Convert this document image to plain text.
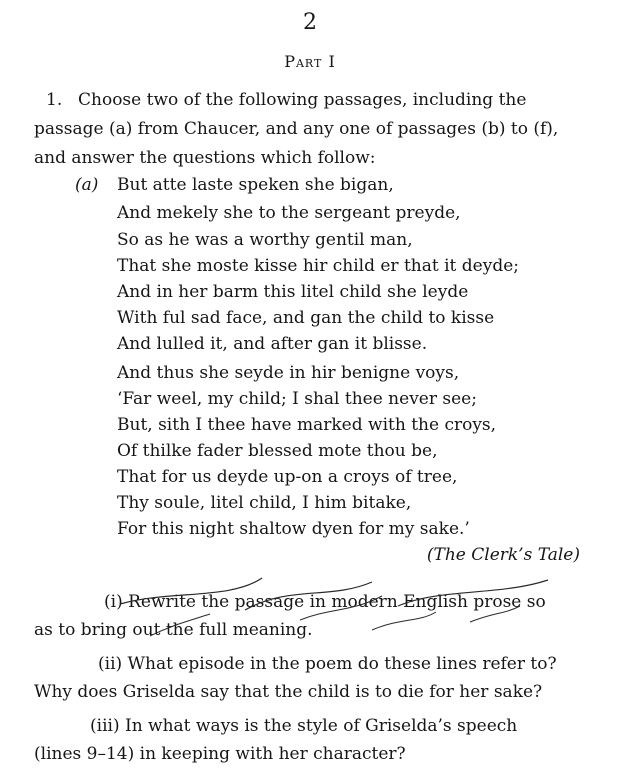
2
Part I
1. Choose two of the following passages, including the
passage (a) from Chaucer, and any one of passages (b) to (f),
and answer the questions which follow:
(a) But atte laste speken she bigan,
And mekely she to the sergeant preyde,
So as he was a worthy gentil man,
That she moste kisse hir child er that it deyde;
And in her barm this litel child she leyde
With ful sad face, and gan the child to kisse
And lulled it, and after gan it blisse.
And thus she seyde in hir benigne voys,
‘Far weel, my child; I shal thee never see;
But, sith I thee have marked with the croys,
Of thilke fader blessed mote thou be,
That for us deyde up-on a croys of tree,
Thy soule, litel child, I him bitake,
For this night shaltow dyen for my sake.’
(The Clerk’s Tale)
(i) Rewrite the passage in modern English prose so
as to bring out the full meaning.
(ii) What episode in the poem do these lines refer to?
Why does Griselda say that the child is to die for her sake?
(iii) In what ways is the style of Griselda’s speech
(lines 9–14) in keeping with her character?
